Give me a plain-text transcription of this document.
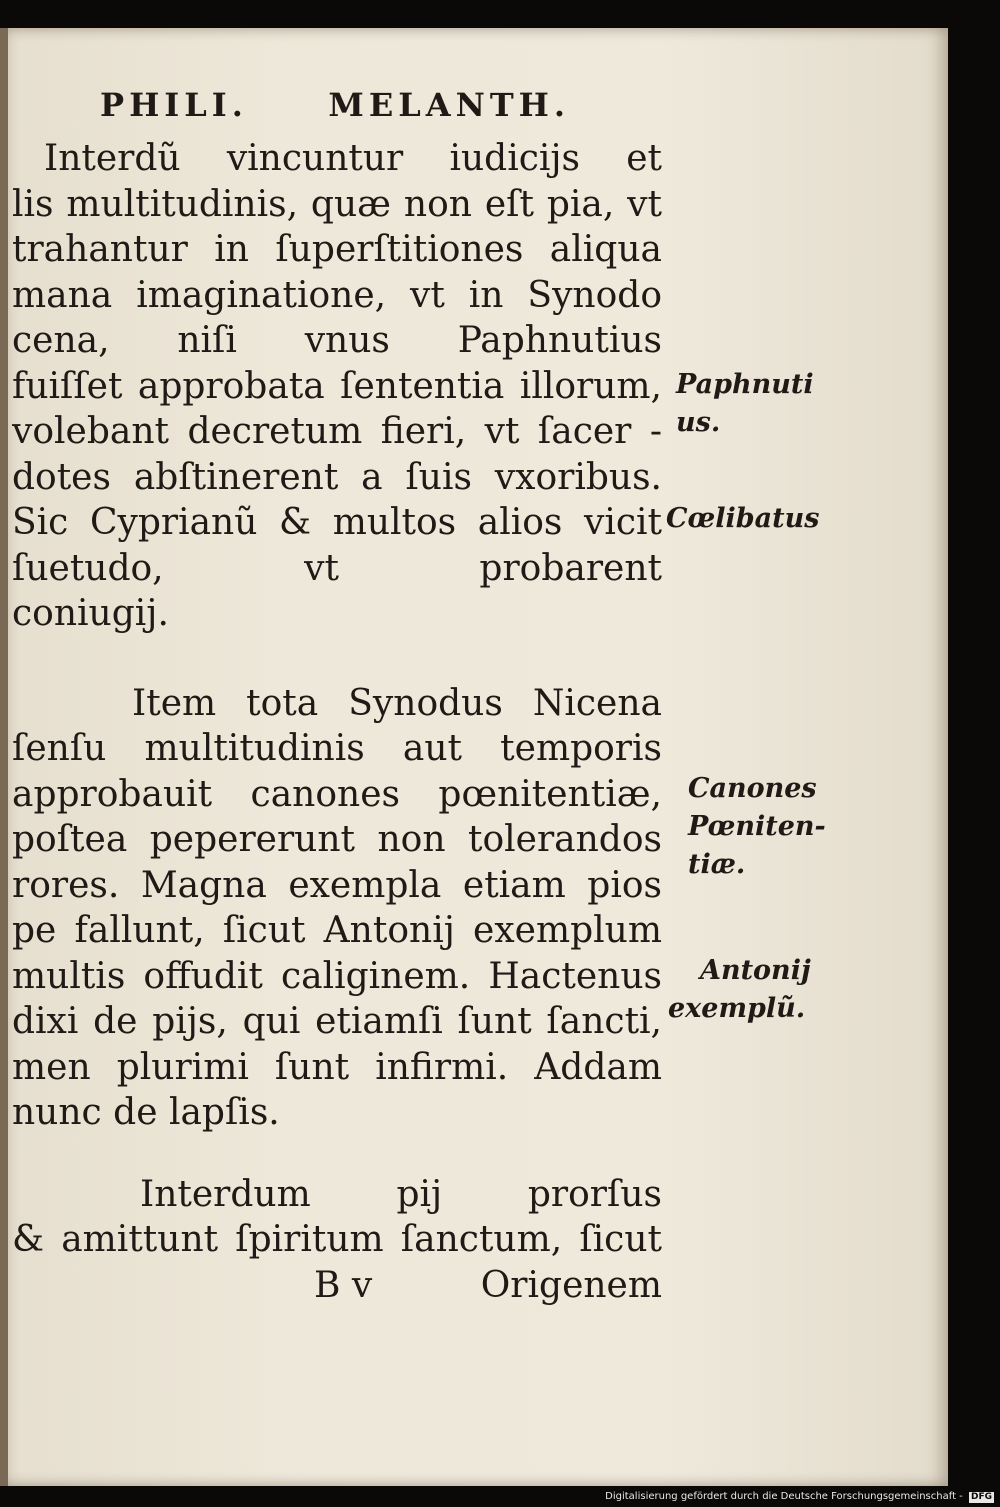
PHILI.	MELANTH.
Interdũ vincuntur iudicijs et
lis multitudinis, quæ non eſt pia, vt
trahantur in ſuperſtitiones aliqua
mana imaginatione, vt in Synodo
cena, niſi vnus Paphnutius
fuiſſet approbata ſententia illorum,
volebant decretum fieri, vt ſacer -
dotes abſtinerent a ſuis vxoribus.
Sic Cyprianũ & multos alios vicit
ſuetudo, vt probarent
coniugij.
Item tota Synodus Nicena
ſenſu multitudinis aut temporis
approbauit canones pœnitentiæ,
poſtea pepererunt non tolerandos
rores. Magna exempla etiam pios
pe fallunt, ſicut Antonij exemplum
multis offudit caliginem. Hactenus
dixi de pijs, qui etiamſi ſunt ſancti,
men plurimi ſunt infirmi. Addam
nunc de lapſis.
Interdum pij prorſus
& amittunt ſpiritum ſanctum, ſicut
B v	Origenem
Paphnuti
us.
Cœlibatus
Canones
Pœniten-
tiæ.
Antonij
exemplũ.
Digitalisierung gefördert durch die Deutsche Forschungsgemeinschaft - DFG
